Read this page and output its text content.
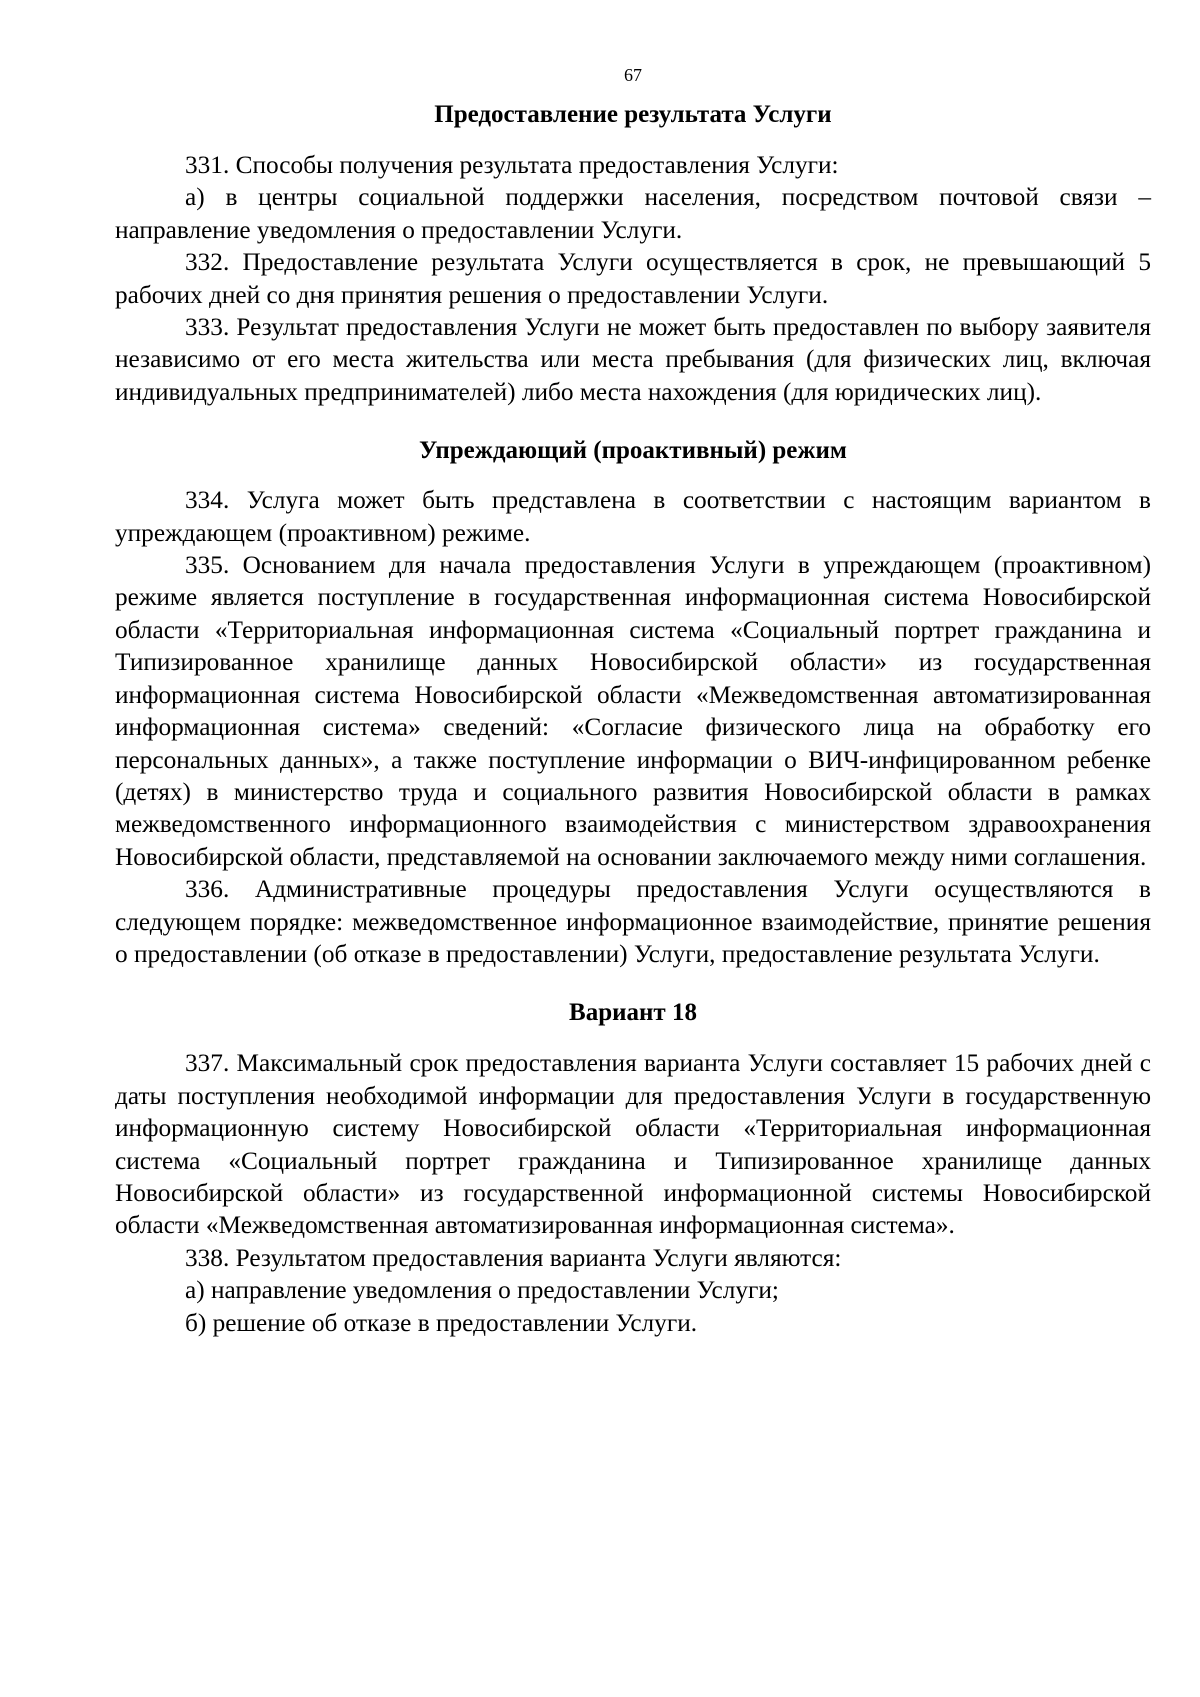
67
Предоставление результата Услуги

331. Способы получения результата предоставления Услуги:

а) в центры социальной поддержки населения, посредством почтовой связи – направление уведомления о предоставлении Услуги.

332. Предоставление результата Услуги осуществляется в срок, не превышающий 5 рабочих дней со дня принятия решения о предоставлении Услуги.

333. Результат предоставления Услуги не может быть предоставлен по выбору заявителя независимо от его места жительства или места пребывания (для физических лиц, включая индивидуальных предпринимателей) либо места нахождения (для юридических лиц).

Упреждающий (проактивный) режим

334. Услуга может быть представлена в соответствии с настоящим вариантом в упреждающем (проактивном) режиме.

335. Основанием для начала предоставления Услуги в упреждающем (проактивном) режиме является поступление в государственная информационная система Новосибирской области «Территориальная информационная система «Социальный портрет гражданина и Типизированное хранилище данных Новосибирской области» из государственная информационная система Новосибирской области «Межведомственная автоматизированная информационная система» сведений: «Согласие физического лица на обработку его персональных данных», а также поступление информации о ВИЧ-инфицированном ребенке (детях) в министерство труда и социального развития Новосибирской области в рамках межведомственного информационного взаимодействия с министерством здравоохранения Новосибирской области, представляемой на основании заключаемого между ними соглашения.

336. Административные процедуры предоставления Услуги осуществляются в следующем порядке: межведомственное информационное взаимодействие, принятие решения о предоставлении (об отказе в предоставлении) Услуги, предоставление результата Услуги.

Вариант 18

337. Максимальный срок предоставления варианта Услуги составляет 15 рабочих дней с даты поступления необходимой информации для предоставления Услуги в государственную информационную систему Новосибирской области «Территориальная информационная система «Социальный портрет гражданина и Типизированное хранилище данных Новосибирской области» из государственной информационной системы Новосибирской области «Межведомственная автоматизированная информационная система».

338. Результатом предоставления варианта Услуги являются:

а) направление уведомления о предоставлении Услуги;

б) решение об отказе в предоставлении Услуги.
